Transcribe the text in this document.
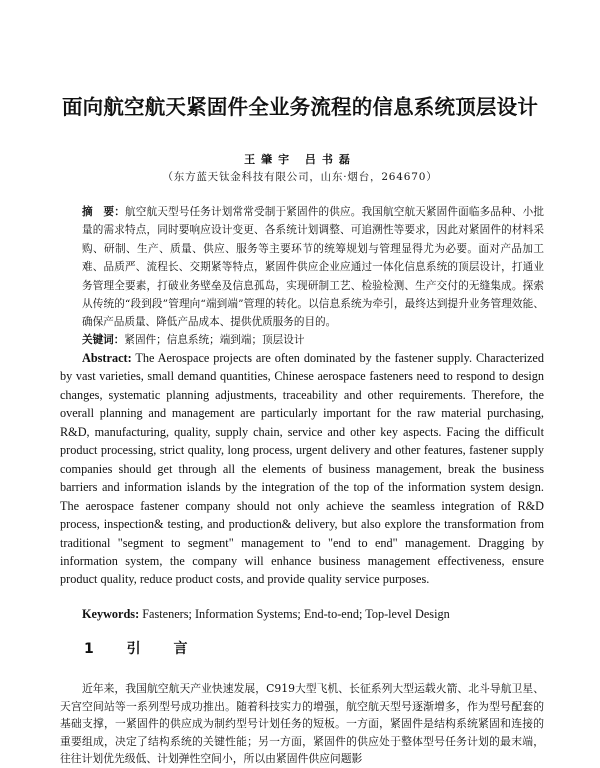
面向航空航天紧固件全业务流程的信息系统顶层设计
王肇宇 吕书磊
（东方蓝天钛金科技有限公司，山东·烟台，264670）
摘　要：航空航天型号任务计划常常受制于紧固件的供应。我国航空航天紧固件面临多品种、小批量的需求特点，同时要响应设计变更、各系统计划调整、可追溯性等要求，因此对紧固件的材料采购、研制、生产、质量、供应、服务等主要环节的统筹规划与管理显得尤为必要。面对产品加工难、品质严、流程长、交期紧等特点，紧固件供应企业应通过一体化信息系统的顶层设计，打通业务管理全要素，打破业务壁垒及信息孤岛，实现研制工艺、检验检测、生产交付的无缝集成。探索从传统的“段到段”管理向“端到端”管理的转化。以信息系统为牵引，最终达到提升业务管理效能、确保产品质量、降低产品成本、提供优质服务的目的。
关键词：紧固件；信息系统；端到端；顶层设计
Abstract: The Aerospace projects are often dominated by the fastener supply. Characterized by vast varieties, small demand quantities, Chinese aerospace fasteners need to respond to design changes, systematic planning adjustments, traceability and other requirements. Therefore, the overall planning and management are particularly important for the raw material purchasing, R&D, manufacturing, quality, supply chain, service and other key aspects. Facing the difficult product processing, strict quality, long process, urgent delivery and other features, fastener supply companies should get through all the elements of business management, break the business barriers and information islands by the integration of the top of the information system design. The aerospace fastener company should not only achieve the seamless integration of R&D process, inspection& testing, and production& delivery, but also explore the transformation from traditional "segment to segment" management to "end to end" management. Dragging by information system, the company will enhance business management effectiveness, ensure product quality, reduce product costs, and provide quality service purposes.
Keywords: Fasteners; Information Systems; End-to-end; Top-level Design
1 引 言
近年来，我国航空航天产业快速发展，C919大型飞机、长征系列大型运载火箭、北斗导航卫星、天宫空间站等一系列型号成功推出。随着科技实力的增强，航空航天型号逐渐增多，作为型号配套的基础支撑，一紧固件的供应成为制约型号计划任务的短板。一方面，紧固件是结构系统紧固和连接的重要组成，决定了结构系统的关键性能；另一方面，紧固件的供应处于整体型号任务计划的最末端，往往计划优先级低、计划弹性空间小，所以由紧固件供应问题影
